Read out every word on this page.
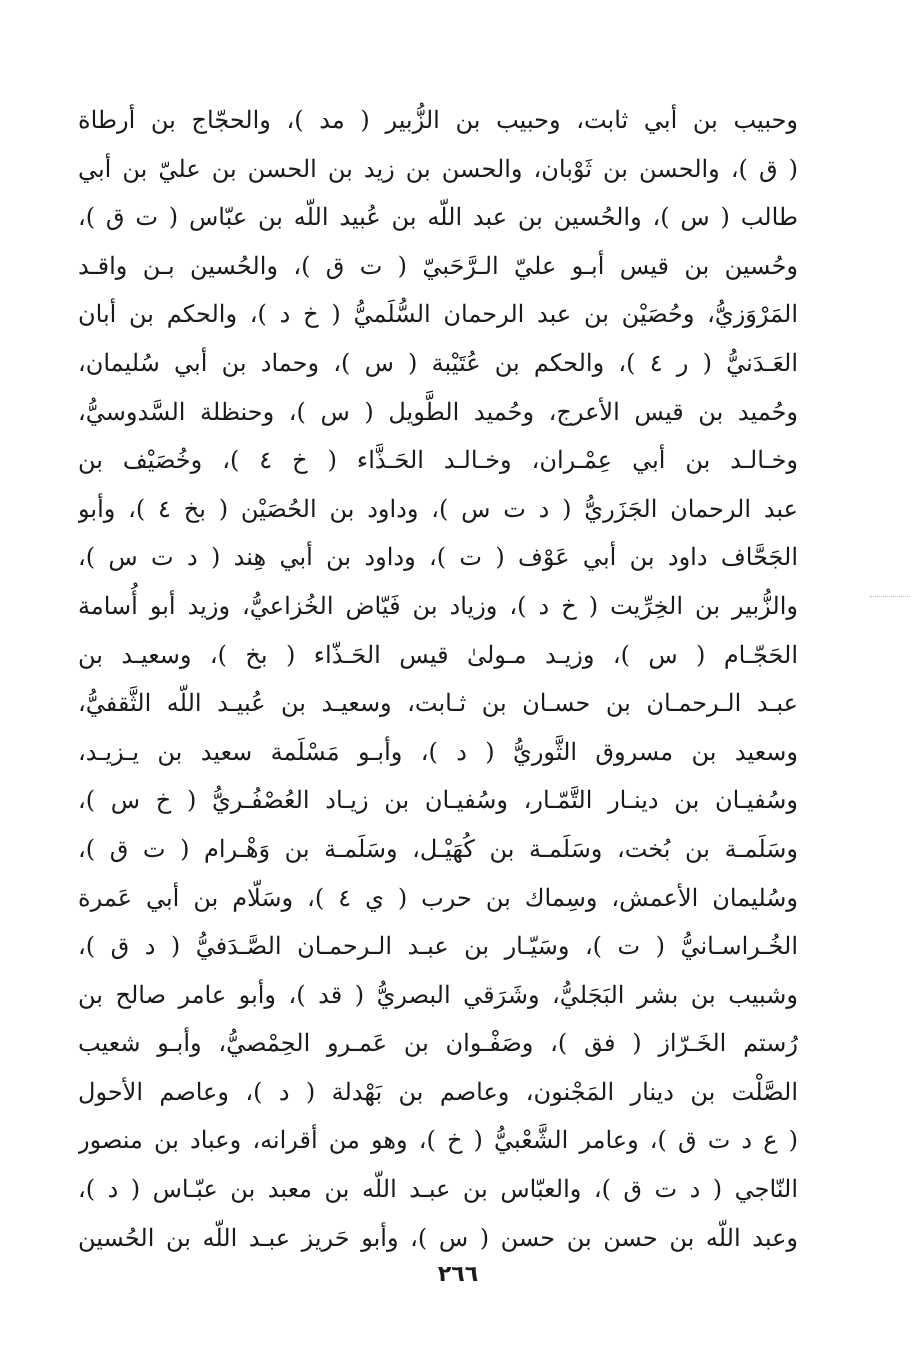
وحبيب بن أبي ثابت، وحبيب بن الزُّبير ( مد )، والحجّاج بن أرطاة
( ق )، والحسن بن ثَوْبان، والحسن بن زيد بن الحسن بن عليّ بن أبي
طالب ( س )، والحُسين بن عبد اللّه بن عُبيد اللّه بن عبّاس ( ت ق )،
وحُسين بن قيس أبـو عليّ الـرَّحَبيّ ( ت ق )، والحُسين بـن واقـد
المَرْوَزيُّ، وحُصَيْن بن عبد الرحمان السُّلَميُّ ( خ د )، والحكم بن أبان
العَـدَنيُّ ( ر ٤ )، والحكم بن عُتَيْبة ( س )، وحماد بن أبي سُليمان،
وحُميد بن قيس الأعرج، وحُميد الطَّويل ( س )، وحنظلة السَّدوسيُّ،
وخـالـد بن أبي عِمْـران، وخـالـد الحَـذَّاء ( خ ٤ )، وخُصَيْف بن
عبد الرحمان الجَزَريُّ ( د ت س )، وداود بن الحُصَيْن ( بخ ٤ )، وأبو
الجَحَّاف داود بن أبي عَوْف ( ت )، وداود بن أبي هِند ( د ت س )،
والزُّبير بن الخِرِّيت ( خ د )، وزياد بن فَيّاض الخُزاعيُّ، وزيد أبو أُسامة
الحَجّـام ( س )، وزيـد مـولىٰ قيس الحَـذّاء ( بخ )، وسعيـد بن
عبـد الـرحمـان بن حسـان بن ثـابت، وسعيـد بن عُبيـد اللّه الثَّقفيُّ،
وسعيد بن مسروق الثَّوريُّ ( د )، وأبـو مَسْلَمة سعيد بن يـزيـد،
وسُفيـان بن دينـار التَّمّـار، وسُفيـان بن زيـاد العُصْفُـريُّ ( خ س )،
وسَلَمـة بن بُخت، وسَلَمـة بن كُهَيْـل، وسَلَمـة بن وَهْـرام ( ت ق )،
وسُليمان الأعمش، وسِماك بن حرب ( ي ٤ )، وسَلّام بن أبي عَمرة
الخُـراسـانيُّ ( ت )، وسَيّـار بن عبـد الـرحمـان الصَّـدَفيُّ ( د ق )،
وشبيب بن بشر البَجَليُّ، وشَرَقي البصريُّ ( قد )، وأبو عامر صالح بن
رُستم الخَـرّاز ( فق )، وصَفْـوان بن عَمـرو الحِمْصيُّ، وأبـو شعيب
الصَّلْت بن دينار المَجْنون، وعاصم بن بَهْدلة ( د )، وعاصم الأحول
( ع د ت ق )، وعامر الشَّعْبيُّ ( خ )، وهو من أقرانه، وعباد بن منصور
النّاجي ( د ت ق )، والعبّاس بن عبـد اللّه بن معبد بن عبّـاس ( د )،
وعبد اللّه بن حسن بن حسن ( س )، وأبو حَريز عبـد اللّه بن الحُسين
٢٦٦
